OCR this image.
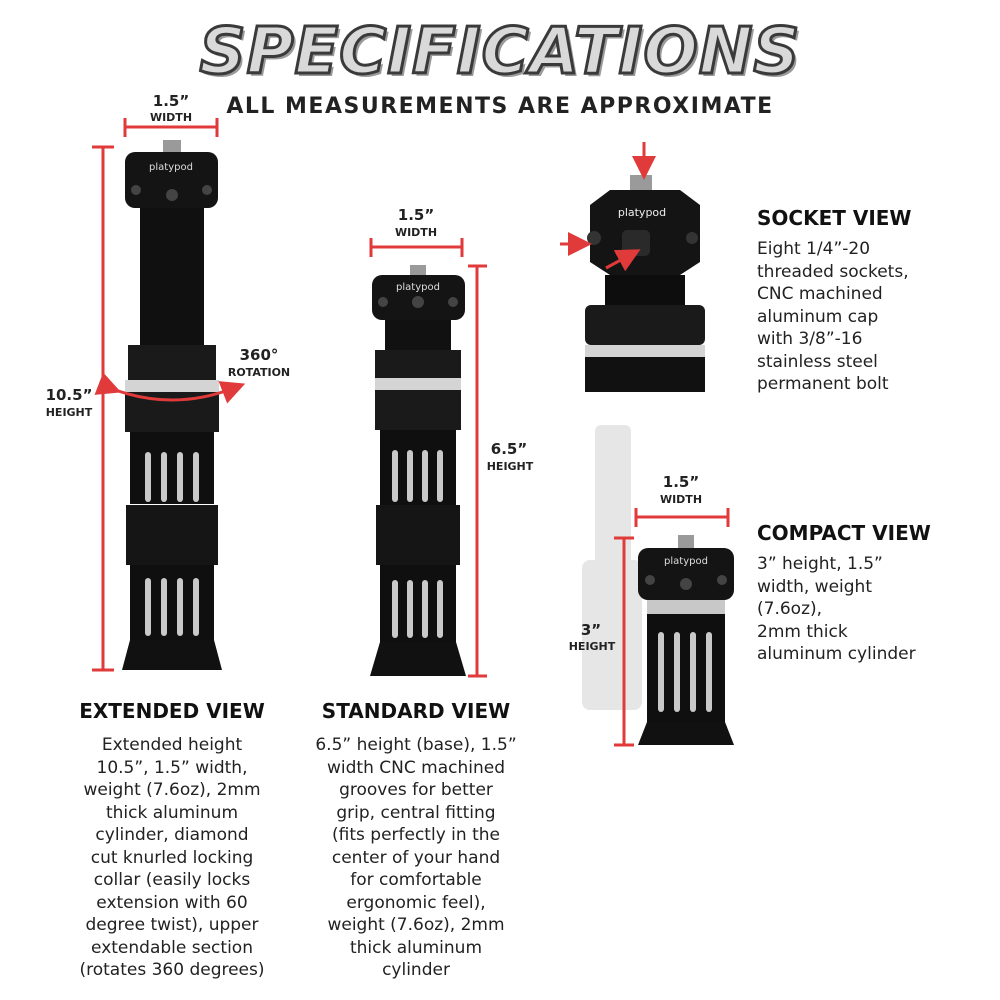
SPECIFICATIONS
ALL MEASUREMENTS ARE APPROXIMATE
platypod
platypod
platypod
platypod
1.5”
WIDTH
10.5”
HEIGHT
360°
ROTATION
1.5”
WIDTH
6.5”
HEIGHT
1.5”
WIDTH
3”
HEIGHT
SOCKET VIEW
Eight 1/4”-20
threaded sockets,
CNC machined
aluminum cap
with 3/8”-16
stainless steel
permanent bolt
COMPACT VIEW
3” height, 1.5”
width, weight
(7.6oz),
2mm thick
aluminum cylinder
EXTENDED VIEW
Extended height
10.5”, 1.5” width,
weight (7.6oz), 2mm
thick aluminum
cylinder, diamond
cut knurled locking
collar (easily locks
extension with 60
degree twist), upper
extendable section
(rotates 360 degrees)
STANDARD VIEW
6.5” height (base), 1.5”
width CNC machined
grooves for better
grip, central fitting
(fits perfectly in the
center of your hand
for comfortable
ergonomic feel),
weight (7.6oz), 2mm
thick aluminum
cylinder
